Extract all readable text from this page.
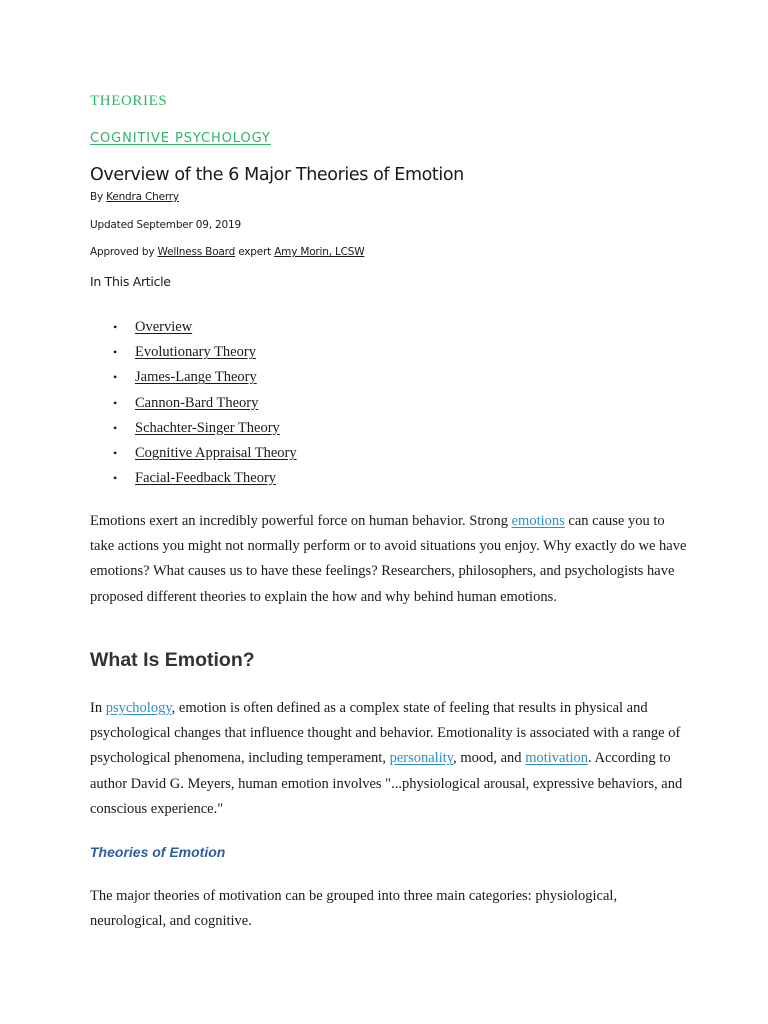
THEORIES
COGNITIVE PSYCHOLOGY
Overview of the 6 Major Theories of Emotion
By Kendra Cherry
Updated September 09, 2019
Approved by Wellness Board expert Amy Morin, LCSW
In This Article
• Overview
• Evolutionary Theory
• James-Lange Theory
• Cannon-Bard Theory
• Schachter-Singer Theory
• Cognitive Appraisal Theory
• Facial-Feedback Theory

Emotions exert an incredibly powerful force on human behavior. Strong emotions can cause you to take actions you might not normally perform or to avoid situations you enjoy. Why exactly do we have emotions? What causes us to have these feelings? Researchers, philosophers, and psychologists have proposed different theories to explain the how and why behind human emotions.

What Is Emotion?

In psychology, emotion is often defined as a complex state of feeling that results in physical and psychological changes that influence thought and behavior. Emotionality is associated with a range of psychological phenomena, including temperament, personality, mood, and motivation. According to author David G. Meyers, human emotion involves "...physiological arousal, expressive behaviors, and conscious experience."

Theories of Emotion

The major theories of motivation can be grouped into three main categories: physiological, neurological, and cognitive.
